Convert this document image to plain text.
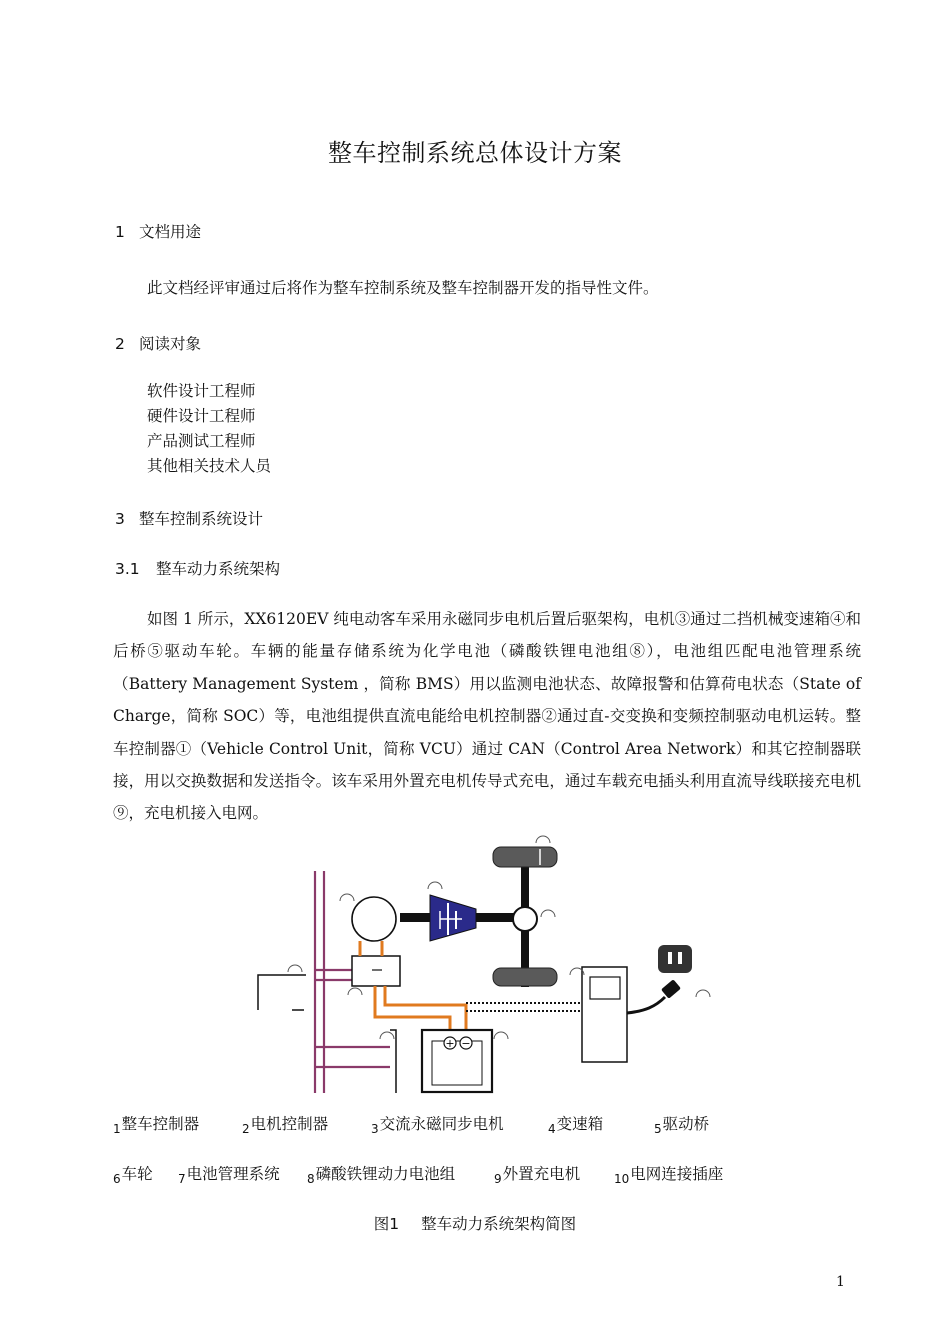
整车控制系统总体设计方案
1 文档用途
此文档经评审通过后将作为整车控制系统及整车控制器开发的指导性文件。
2 阅读对象
软件设计工程师
硬件设计工程师
产品测试工程师
其他相关技术人员
3 整车控制系统设计
3.1 整车动力系统架构
如图 1 所示，XX6120EV 纯电动客车采用永磁同步电机后置后驱架构，电机③通过二挡机械变速箱④和后桥⑤驱动车轮。车辆的能量存储系统为化学电池（磷酸铁锂电池组⑧），电池组匹配电池管理系统（Battery Management System ，简称 BMS）用以监测电池状态、故障报警和估算荷电状态（State of Charge，简称 SOC）等，电池组提供直流电能给电机控制器②通过直-交变换和变频控制驱动电机运转。整车控制器①（Vehicle Control Unit，简称 VCU）通过 CAN（Control Area Network）和其它控制器联接，用以交换数据和发送指令。该车采用外置充电机传导式充电，通过车载充电插头利用直流导线联接充电机⑨，充电机接入电网。
+ −
$_1$整车控制器	$_2$电机控制器	$_3$交流永磁同步电机	$_4$变速箱	$_5$驱动桥
$_6$车轮 $_7$电池管理系统 $_8$磷酸铁锂动力电池组	$_9$外置充电机	$_{10}$电网连接插座
图1 整车动力系统架构简图
1
